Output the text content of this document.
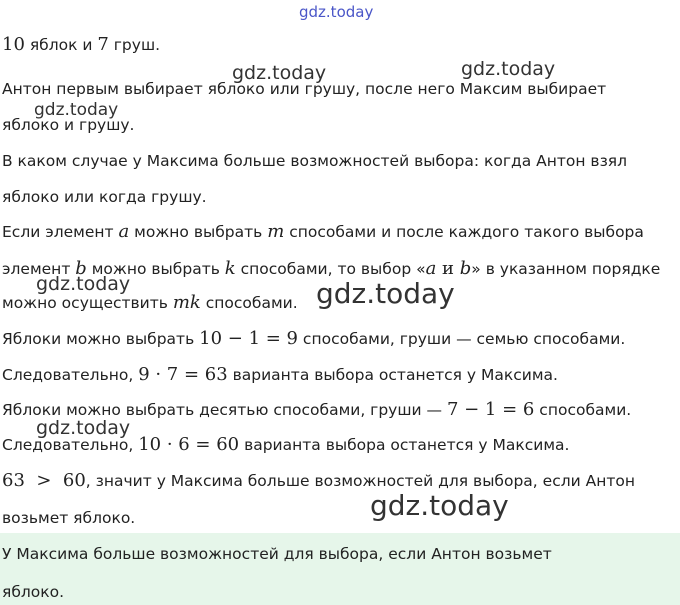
gdz.today
gdz.today	gdz.today
gdz.today
gdz.today	gdz.today
gdz.today
gdz.today
10 яблок и 7 груш.
Антон первым выбирает яблоко или грушу, после него Максим выбирает
яблоко и грушу.
В каком случае у Максима больше возможностей выбора: когда Антон взял
яблоко или когда грушу.
Если элемент a можно выбрать m способами и после каждого такого выбора
элемент b можно выбрать k способами, то выбор «a и b» в указанном порядке
можно осуществить mk способами.
Яблоки можно выбрать 10 − 1 = 9 способами, груши — семью способами.
Следовательно, 9 · 7 = 63 варианта выбора останется у Максима.
Яблоки можно выбрать десятью способами, груши — 7 − 1 = 6 способами.
Следовательно, 10 · 6 = 60 варианта выбора останется у Максима.
63  >  60, значит у Максима больше возможностей для выбора, если Антон
возьмет яблоко.
У Максима больше возможностей для выбора, если Антон возьмет
яблоко.
